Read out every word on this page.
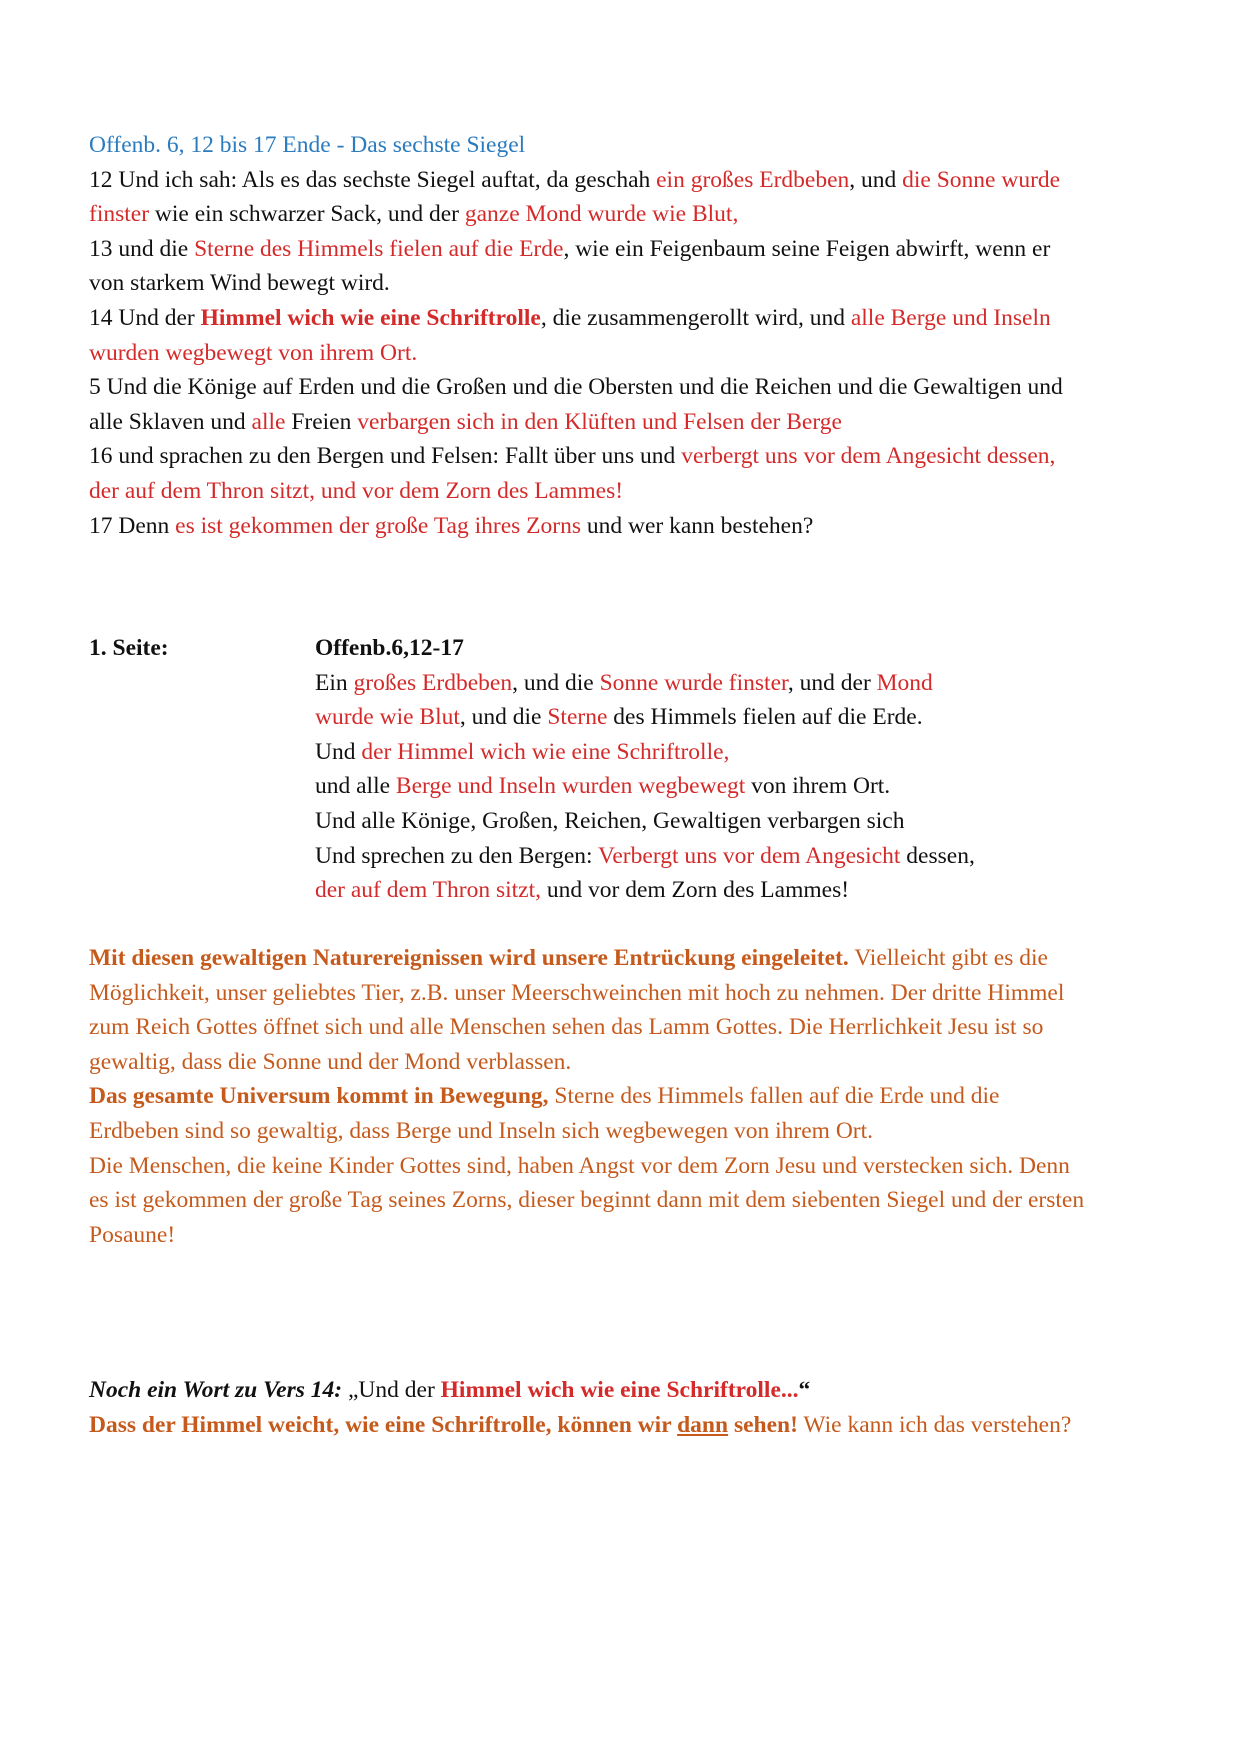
Offenb. 6, 12 bis 17 Ende - Das sechste Siegel
12 Und ich sah: Als es das sechste Siegel auftat, da geschah ein großes Erdbeben, und die Sonne wurde
finster wie ein schwarzer Sack, und der ganze Mond wurde wie Blut,
13 und die Sterne des Himmels fielen auf die Erde, wie ein Feigenbaum seine Feigen abwirft, wenn er
von starkem Wind bewegt wird.
14 Und der Himmel wich wie eine Schriftrolle, die zusammengerollt wird, und alle Berge und Inseln
wurden wegbewegt von ihrem Ort.
5 Und die Könige auf Erden und die Großen und die Obersten und die Reichen und die Gewaltigen und
alle Sklaven und alle Freien verbargen sich in den Klüften und Felsen der Berge
16 und sprachen zu den Bergen und Felsen: Fallt über uns und verbergt uns vor dem Angesicht dessen,
der auf dem Thron sitzt, und vor dem Zorn des Lammes!
17 Denn es ist gekommen der große Tag ihres Zorns und wer kann bestehen?
1. Seite:	Offenb.6,12-17
Ein großes Erdbeben, und die Sonne wurde finster, und der Mond
wurde wie Blut, und die Sterne des Himmels fielen auf die Erde.
Und der Himmel wich wie eine Schriftrolle,
und alle Berge und Inseln wurden wegbewegt von ihrem Ort.
Und alle Könige, Großen, Reichen, Gewaltigen verbargen sich
Und sprechen zu den Bergen: Verbergt uns vor dem Angesicht dessen,
der auf dem Thron sitzt, und vor dem Zorn des Lammes!
Mit diesen gewaltigen Naturereignissen wird unsere Entrückung eingeleitet. Vielleicht gibt es die
Möglichkeit, unser geliebtes Tier, z.B. unser Meerschweinchen mit hoch zu nehmen. Der dritte Himmel
zum Reich Gottes öffnet sich und alle Menschen sehen das Lamm Gottes. Die Herrlichkeit Jesu ist so
gewaltig, dass die Sonne und der Mond verblassen.
Das gesamte Universum kommt in Bewegung, Sterne des Himmels fallen auf die Erde und die
Erdbeben sind so gewaltig, dass Berge und Inseln sich wegbewegen von ihrem Ort.
Die Menschen, die keine Kinder Gottes sind, haben Angst vor dem Zorn Jesu und verstecken sich. Denn
es ist gekommen der große Tag seines Zorns, dieser beginnt dann mit dem siebenten Siegel und der ersten
Posaune!
Noch ein Wort zu Vers 14: „Und der Himmel wich wie eine Schriftrolle...“
Dass der Himmel weicht, wie eine Schriftrolle, können wir dann sehen! Wie kann ich das verstehen?
